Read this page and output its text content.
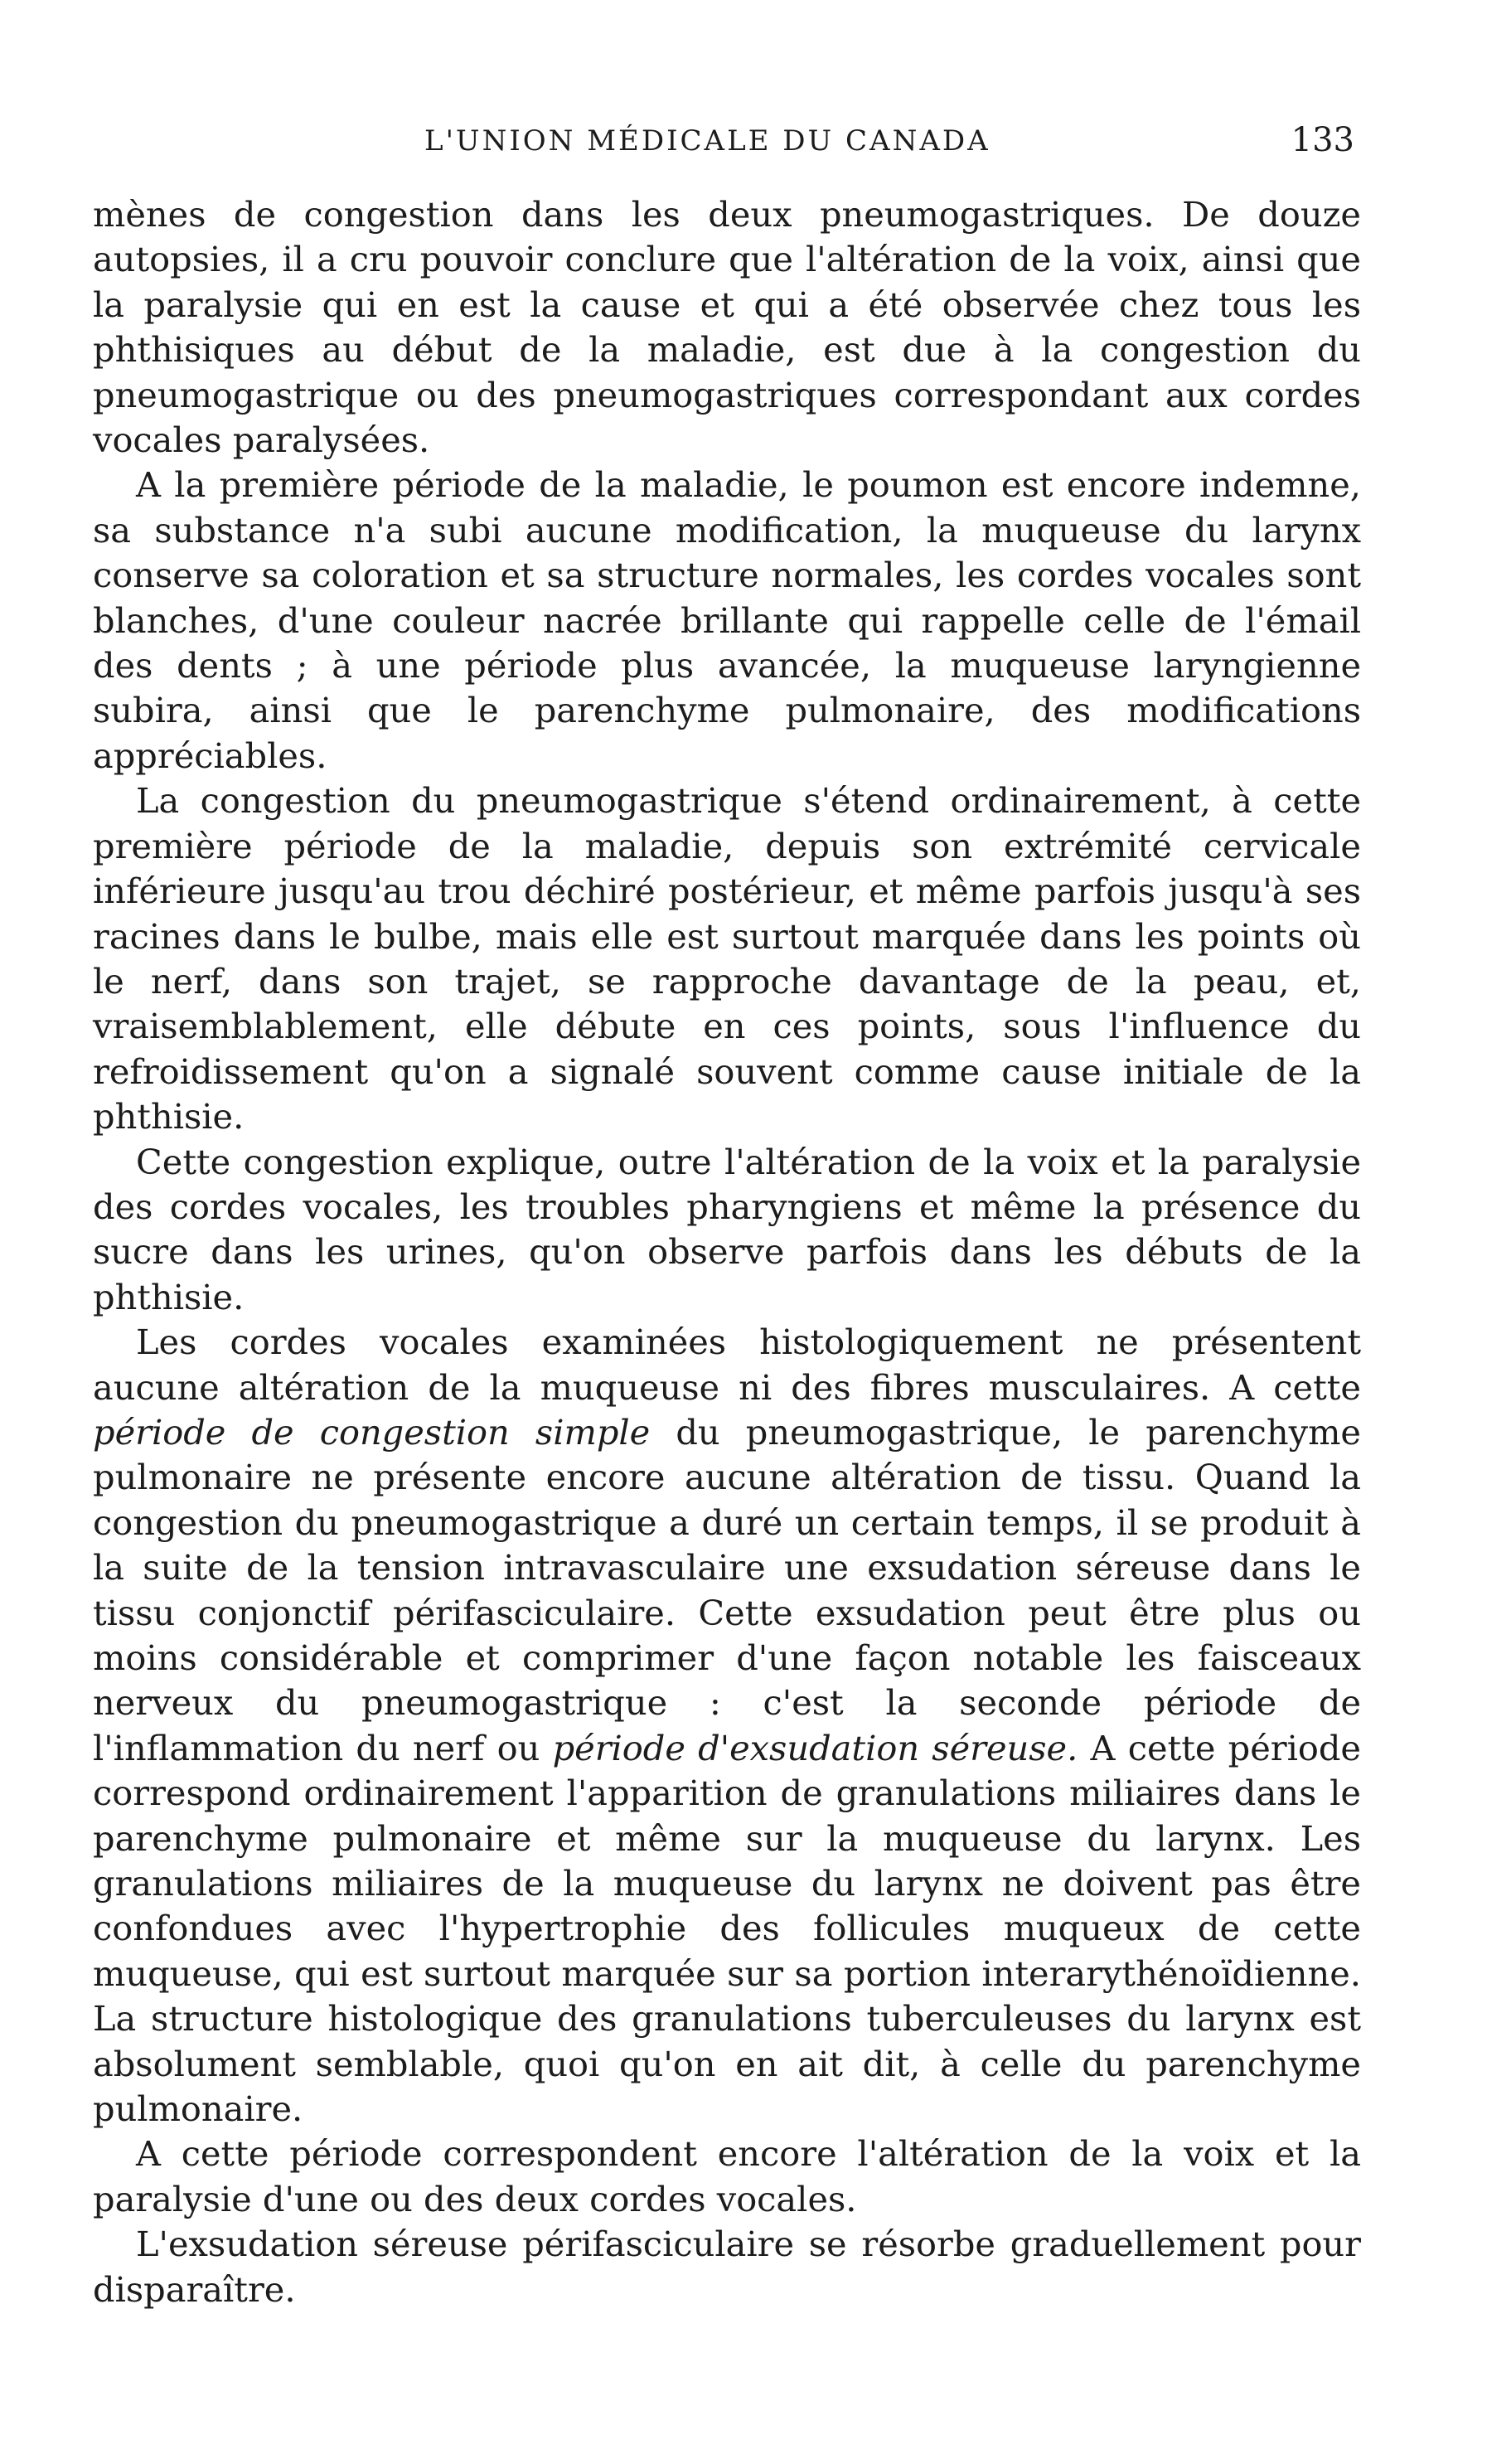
L'UNION MÉDICALE DU CANADA	133

mènes de congestion dans les deux pneumogastriques. De douze autopsies, il a cru pouvoir conclure que l'altération de la voix, ainsi que la paralysie qui en est la cause et qui a été observée chez tous les phthisiques au début de la maladie, est due à la congestion du pneumogastrique ou des pneumogastriques correspondant aux cordes vocales paralysées.

A la première période de la maladie, le poumon est encore indemne, sa substance n'a subi aucune modification, la muqueuse du larynx conserve sa coloration et sa structure normales, les cordes vocales sont blanches, d'une couleur nacrée brillante qui rappelle celle de l'émail des dents ; à une période plus avancée, la muqueuse laryngienne subira, ainsi que le parenchyme pulmonaire, des modifications appréciables.

La congestion du pneumogastrique s'étend ordinairement, à cette première période de la maladie, depuis son extrémité cervicale inférieure jusqu'au trou déchiré postérieur, et même parfois jusqu'à ses racines dans le bulbe, mais elle est surtout marquée dans les points où le nerf, dans son trajet, se rapproche davantage de la peau, et, vraisemblablement, elle débute en ces points, sous l'influence du refroidissement qu'on a signalé souvent comme cause initiale de la phthisie.

Cette congestion explique, outre l'altération de la voix et la paralysie des cordes vocales, les troubles pharyngiens et même la présence du sucre dans les urines, qu'on observe parfois dans les débuts de la phthisie.

Les cordes vocales examinées histologiquement ne présentent aucune altération de la muqueuse ni des fibres musculaires. A cette période de congestion simple du pneumogastrique, le parenchyme pulmonaire ne présente encore aucune altération de tissu. Quand la congestion du pneumogastrique a duré un certain temps, il se produit à la suite de la tension intravasculaire une exsudation séreuse dans le tissu conjonctif périfasciculaire. Cette exsudation peut être plus ou moins considérable et comprimer d'une façon notable les faisceaux nerveux du pneumogastrique : c'est la seconde période de l'inflammation du nerf ou période d'exsudation séreuse. A cette période correspond ordinairement l'apparition de granulations miliaires dans le parenchyme pulmonaire et même sur la muqueuse du larynx. Les granulations miliaires de la muqueuse du larynx ne doivent pas être confondues avec l'hypertrophie des follicules muqueux de cette muqueuse, qui est surtout marquée sur sa portion interarythénoïdienne. La structure histologique des granulations tuberculeuses du larynx est absolument semblable, quoi qu'on en ait dit, à celle du parenchyme pulmonaire.

A cette période correspondent encore l'altération de la voix et la paralysie d'une ou des deux cordes vocales.

L'exsudation séreuse périfasciculaire se résorbe graduellement pour disparaître.
